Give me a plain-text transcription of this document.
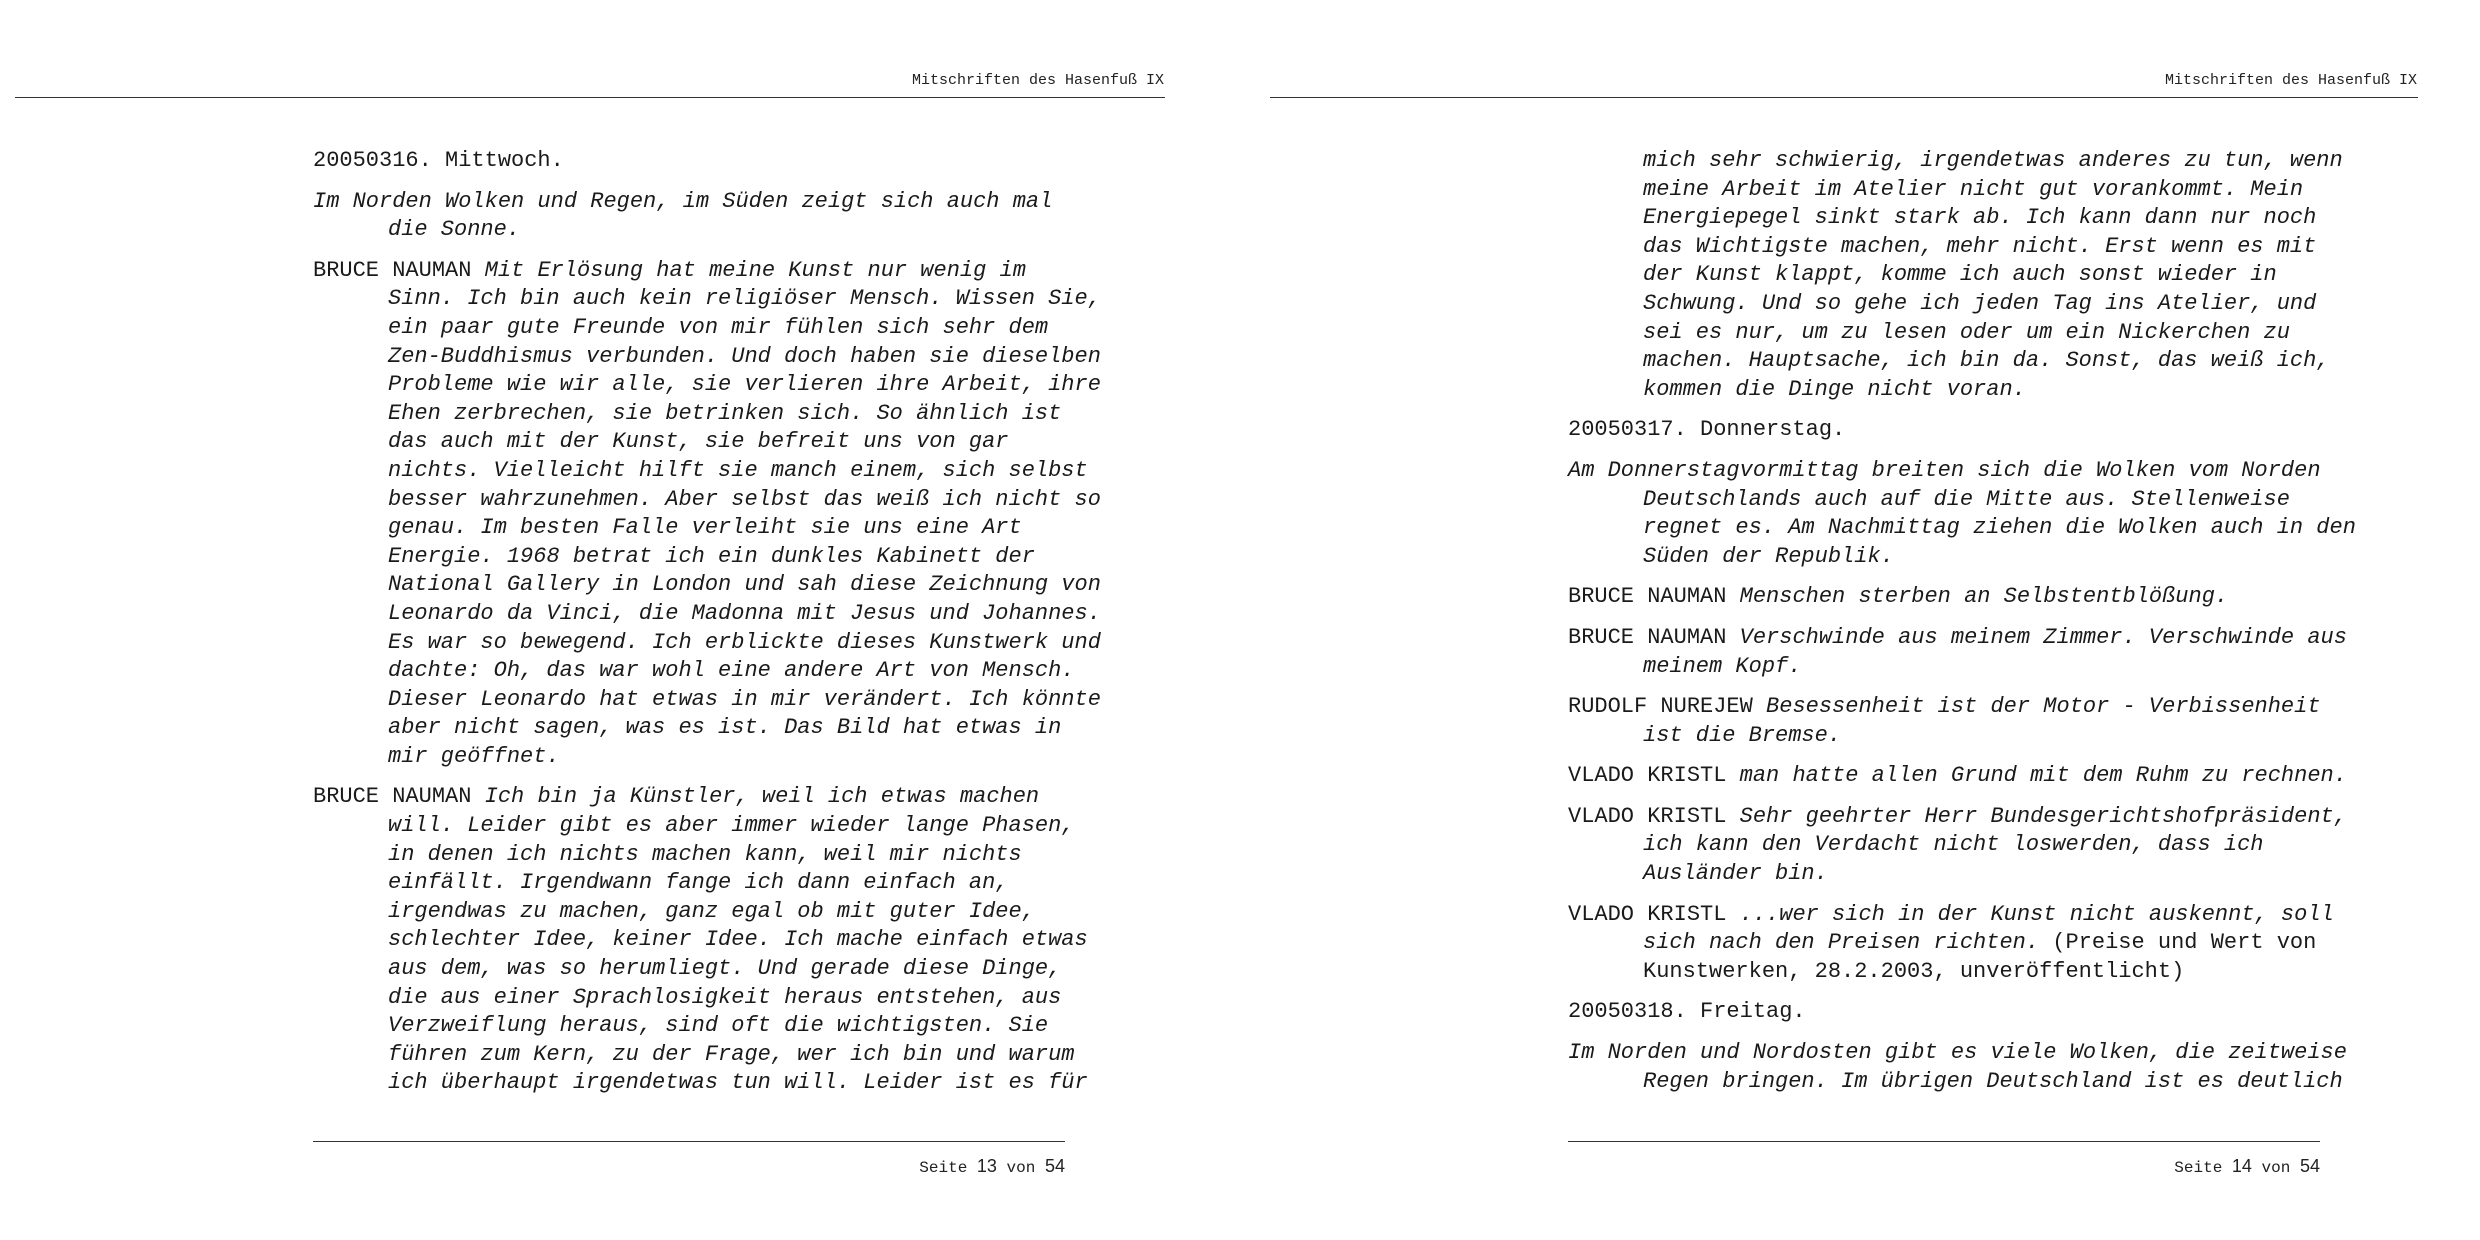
Mitschriften des Hasenfuß IX

20050316. Mittwoch.

Im Norden Wolken und Regen, im Süden zeigt sich auch mal die Sonne.

BRUCE NAUMAN Mit Erlösung hat meine Kunst nur wenig im Sinn. Ich bin auch kein religiöser Mensch. Wissen Sie, ein paar gute Freunde von mir fühlen sich sehr dem Zen-Buddhismus verbunden. Und doch haben sie dieselben Probleme wie wir alle, sie verlieren ihre Arbeit, ihre Ehen zerbrechen, sie betrinken sich. So ähnlich ist das auch mit der Kunst, sie befreit uns von gar nichts. Vielleicht hilft sie manch einem, sich selbst besser wahrzunehmen. Aber selbst das weiß ich nicht so genau. Im besten Falle verleiht sie uns eine Art Energie. 1968 betrat ich ein dunkles Kabinett der National Gallery in London und sah diese Zeichnung von Leonardo da Vinci, die Madonna mit Jesus und Johannes. Es war so bewegend. Ich erblickte dieses Kunstwerk und dachte: Oh, das war wohl eine andere Art von Mensch. Dieser Leonardo hat etwas in mir verändert. Ich könnte aber nicht sagen, was es ist. Das Bild hat etwas in mir geöffnet.

BRUCE NAUMAN Ich bin ja Künstler, weil ich etwas machen will. Leider gibt es aber immer wieder lange Phasen, in denen ich nichts machen kann, weil mir nichts einfällt. Irgendwann fange ich dann einfach an, irgendwas zu machen, ganz egal ob mit guter Idee, schlechter Idee, keiner Idee. Ich mache einfach etwas aus dem, was so herumliegt. Und gerade diese Dinge, die aus einer Sprachlosigkeit heraus entstehen, aus Verzweiflung heraus, sind oft die wichtigsten. Sie führen zum Kern, zu der Frage, wer ich bin und warum ich überhaupt irgendetwas tun will. Leider ist es für

Seite 13 von 54
Mitschriften des Hasenfuß IX

mich sehr schwierig, irgendetwas anderes zu tun, wenn meine Arbeit im Atelier nicht gut vorankommt. Mein Energiepegel sinkt stark ab. Ich kann dann nur noch das Wichtigste machen, mehr nicht. Erst wenn es mit der Kunst klappt, komme ich auch sonst wieder in Schwung. Und so gehe ich jeden Tag ins Atelier, und sei es nur, um zu lesen oder um ein Nickerchen zu machen. Hauptsache, ich bin da. Sonst, das weiß ich, kommen die Dinge nicht voran.

20050317. Donnerstag.

Am Donnerstagvormittag breiten sich die Wolken vom Norden Deutschlands auch auf die Mitte aus. Stellenweise regnet es. Am Nachmittag ziehen die Wolken auch in den Süden der Republik.

BRUCE NAUMAN Menschen sterben an Selbstentblößung.

BRUCE NAUMAN Verschwinde aus meinem Zimmer. Verschwinde aus meinem Kopf.

RUDOLF NUREJEW Besessenheit ist der Motor - Verbissenheit ist die Bremse.

VLADO KRISTL man hatte allen Grund mit dem Ruhm zu rechnen.

VLADO KRISTL Sehr geehrter Herr Bundesgerichtshofpräsident, ich kann den Verdacht nicht loswerden, dass ich Ausländer bin.

VLADO KRISTL ...wer sich in der Kunst nicht auskennt, soll sich nach den Preisen richten. (Preise und Wert von Kunstwerken, 28.2.2003, unveröffentlicht)

20050318. Freitag.

Im Norden und Nordosten gibt es viele Wolken, die zeitweise Regen bringen. Im übrigen Deutschland ist es deutlich

Seite 14 von 54
